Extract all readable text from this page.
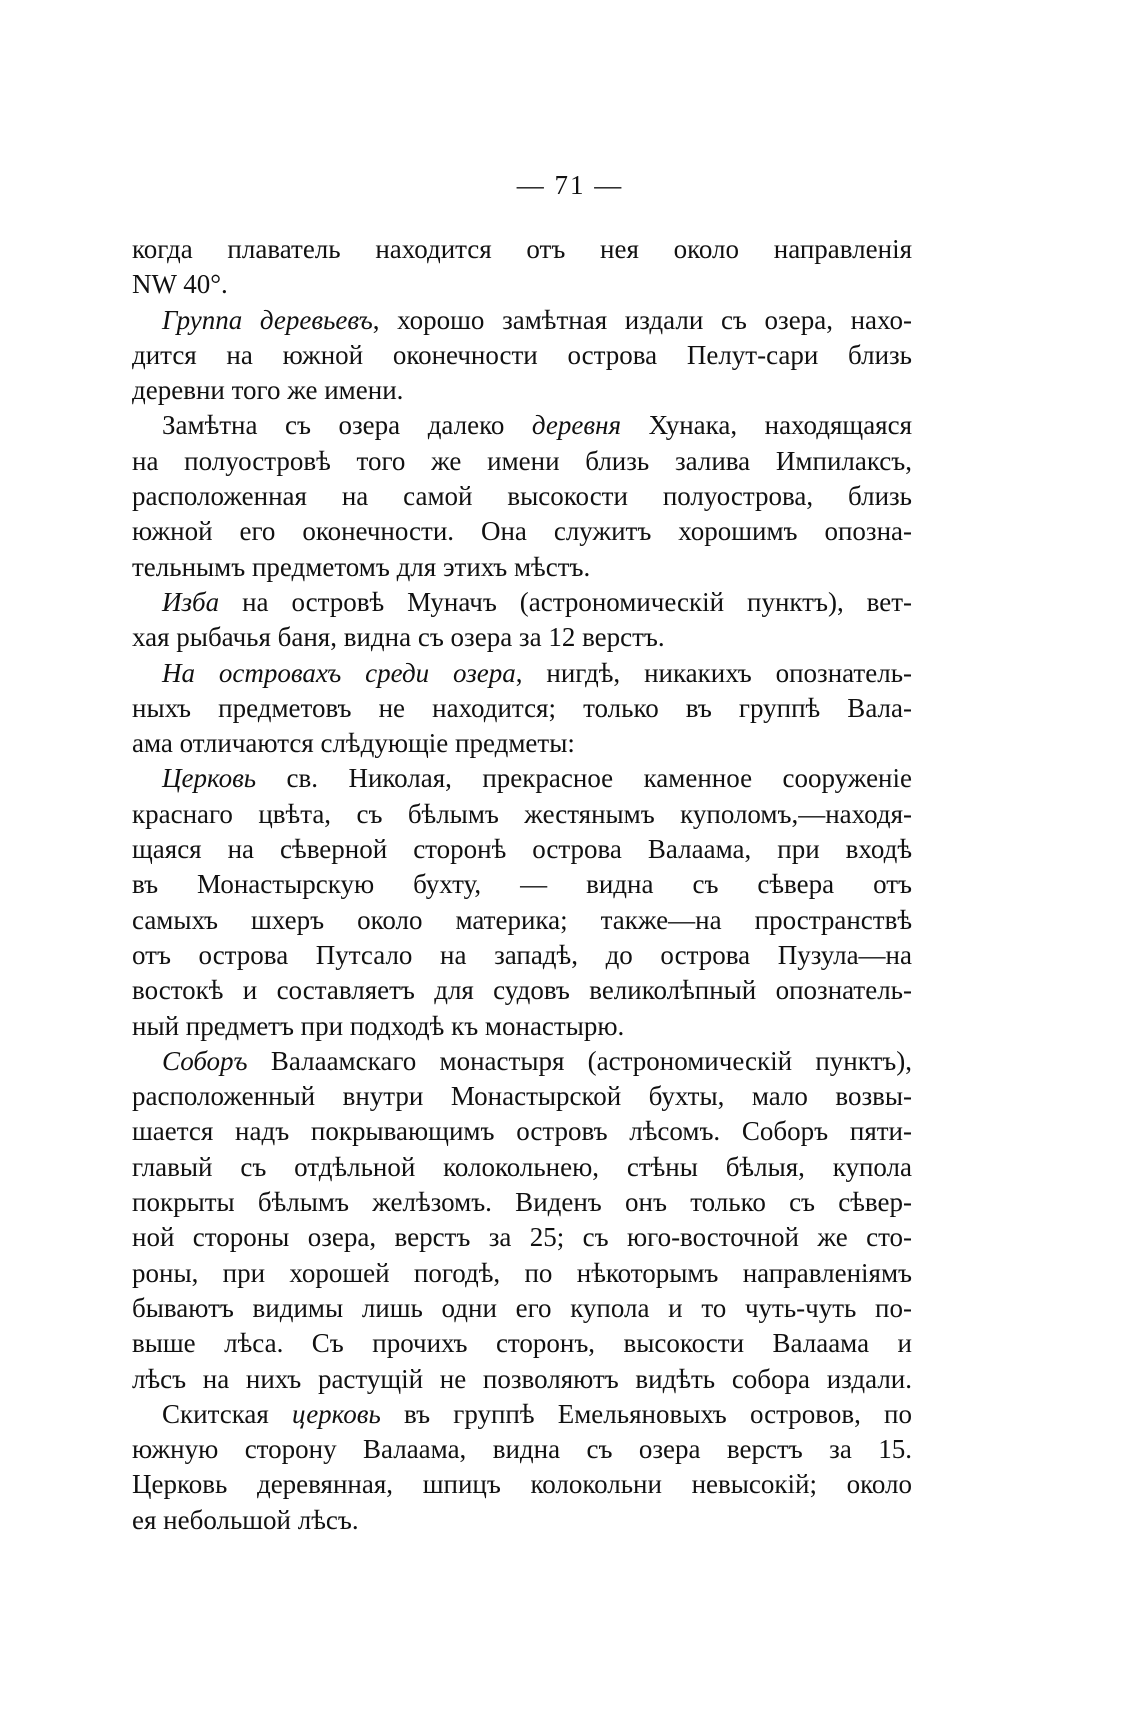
— 71 —
когда плаватель находится отъ нея около направленія
NW 40°.
Группа деревьевъ, хорошо замѣтная издали съ озера, нахо-
дится на южной оконечности острова Пелут-сари близь
деревни того же имени.
Замѣтна съ озера далеко деревня Хунака, находящаяся
на полуостровѣ того же имени близь залива Импилаксъ,
расположенная на самой высокости полуострова, близь
южной его оконечности. Она служитъ хорошимъ опозна-
тельнымъ предметомъ для этихъ мѣстъ.
Изба на островѣ Муначъ (астрономическій пунктъ), вет-
хая рыбачья баня, видна съ озера за 12 верстъ.
На островахъ среди озера, нигдѣ, никакихъ опознатель-
ныхъ предметовъ не находится; только въ группѣ Вала-
ама отличаются слѣдующіе предметы:
Церковь св. Николая, прекрасное каменное сооруженіе
краснаго цвѣта, съ бѣлымъ жестянымъ куполомъ,—находя-
щаяся на сѣверной сторонѣ острова Валаама, при входѣ
въ Монастырскую бухту, — видна съ сѣвера отъ
самыхъ шхеръ около материка; также—на пространствѣ
отъ острова Путсало на западѣ, до острова Пузула—на
востокѣ и составляетъ для судовъ великолѣпный опознатель-
ный предметъ при подходѣ къ монастырю.
Соборъ Валаамскаго монастыря (астрономическій пунктъ),
расположенный внутри Монастырской бухты, мало возвы-
шается надъ покрывающимъ островъ лѣсомъ. Соборъ пяти-
главый съ отдѣльной колокольнею, стѣны бѣлыя, купола
покрыты бѣлымъ желѣзомъ. Виденъ онъ только съ сѣвер-
ной стороны озера, верстъ за 25; съ юго-восточной же сто-
роны, при хорошей погодѣ, по нѣкоторымъ направленіямъ
бываютъ видимы лишь одни его купола и то чуть-чуть по-
выше лѣса. Съ прочихъ сторонъ, высокости Валаама и
лѣсъ на нихъ растущій не позволяютъ видѣть собора издали.
Скитская церковь въ группѣ Емельяновыхъ островов, по
южную сторону Валаама, видна съ озера верстъ за 15.
Церковь деревянная, шпицъ колокольни невысокій; около
ея небольшой лѣсъ.
